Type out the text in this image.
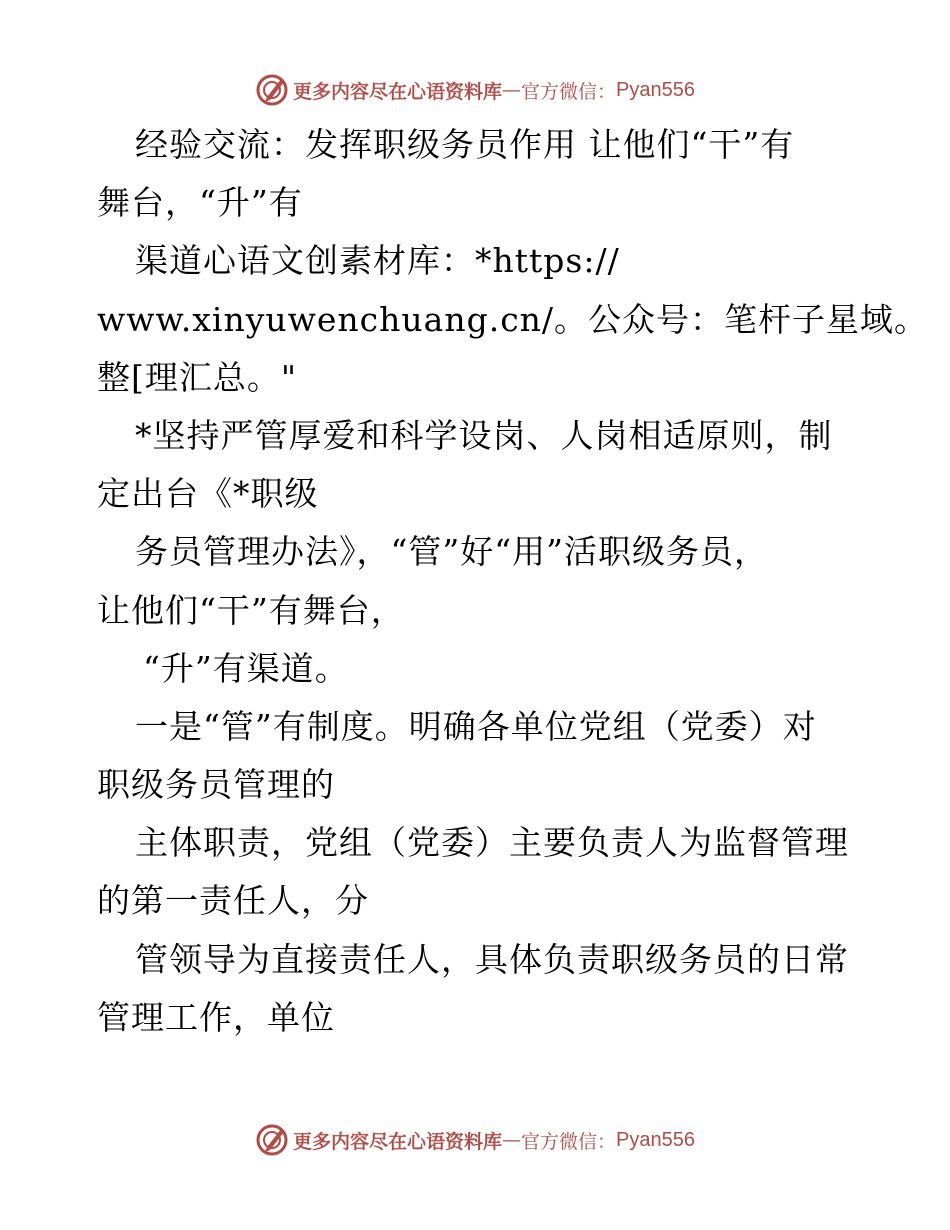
更多内容尽在心语资料库 — 官方微信： Pyan556
经验交流：发挥职级务员作用 让他们“干”有
舞台，“升”有
渠道心语文创素材库：*https://
www.xinyuwenchuang.cn/。公众号：笔杆子星域。
整[理汇总。"
*坚持严管厚爱和科学设岗、人岗相适原则，制
定出台《*职级
务员管理办法》，“管”好“用”活职级务员，
让他们“干”有舞台，
“升”有渠道。
一是“管”有制度。明确各单位党组（党委）对
职级务员管理的
主体职责，党组（党委）主要负责人为监督管理
的第一责任人，分
管领导为直接责任人，具体负责职级务员的日常
管理工作，单位
更多内容尽在心语资料库 — 官方微信： Pyan556
